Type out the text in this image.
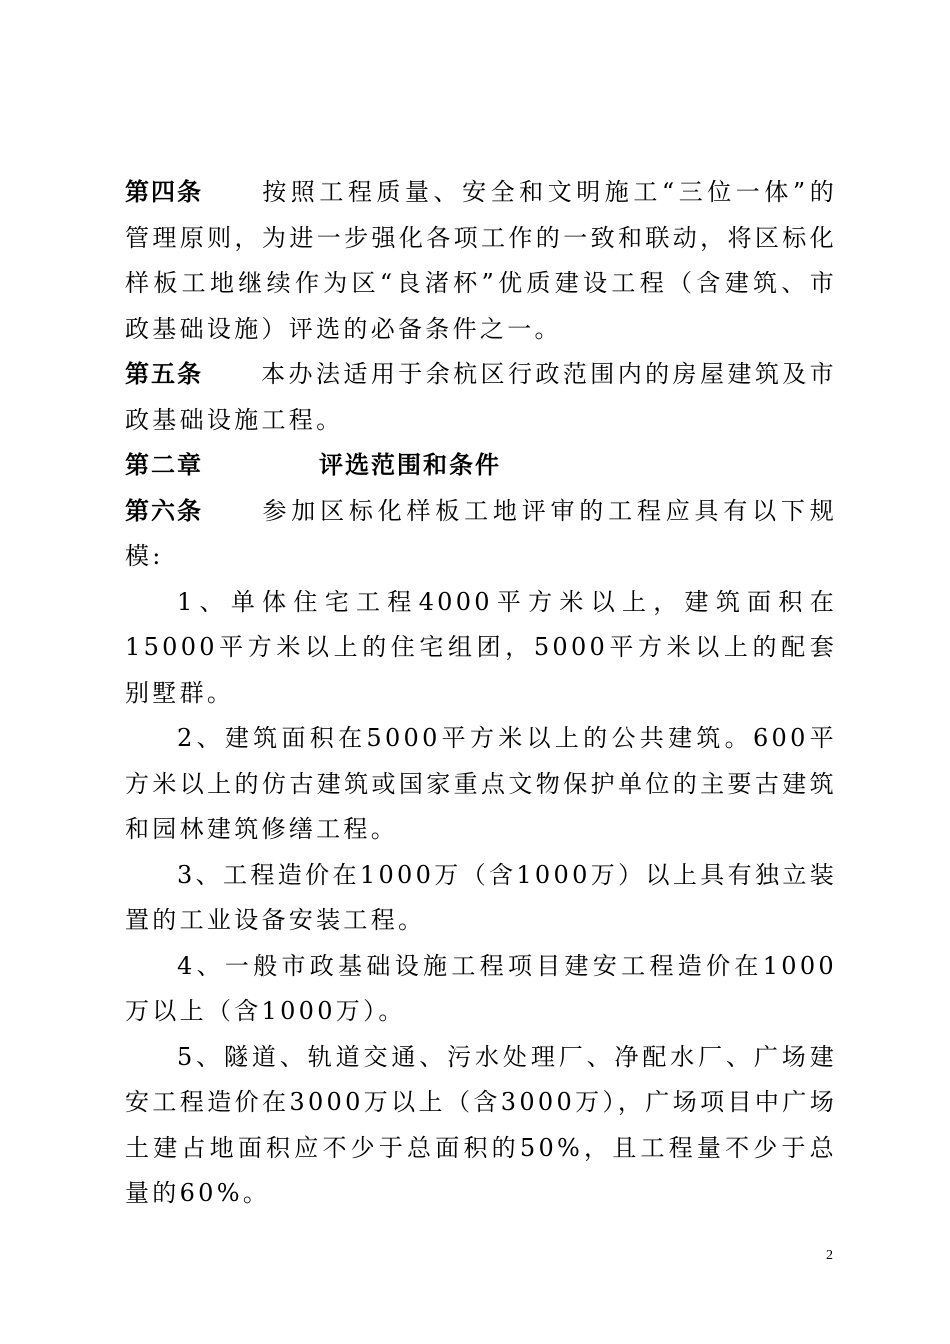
第四条 按照工程质量、安全和文明施工“三位一体”的管理原则，为进一步强化各项工作的一致和联动，将区标化样板工地继续作为区“良渚杯”优质建设工程（含建筑、市政基础设施）评选的必备条件之一。

第五条 本办法适用于余杭区行政范围内的房屋建筑及市政基础设施工程。

第二章	评选范围和条件

第六条 参加区标化样板工地评审的工程应具有以下规模:

1、单体住宅工程4000平方米以上，建筑面积在15000平方米以上的住宅组团，5000平方米以上的配套别墅群。

2、建筑面积在5000平方米以上的公共建筑。600平方米以上的仿古建筑或国家重点文物保护单位的主要古建筑和园林建筑修缮工程。

3、工程造价在1000万（含1000万）以上具有独立装置的工业设备安装工程。

4、一般市政基础设施工程项目建安工程造价在1000万以上（含1000万）。

5、隧道、轨道交通、污水处理厂、净配水厂、广场建安工程造价在3000万以上（含3000万），广场项目中广场土建占地面积应不少于总面积的50%，且工程量不少于总量的60%。

2
